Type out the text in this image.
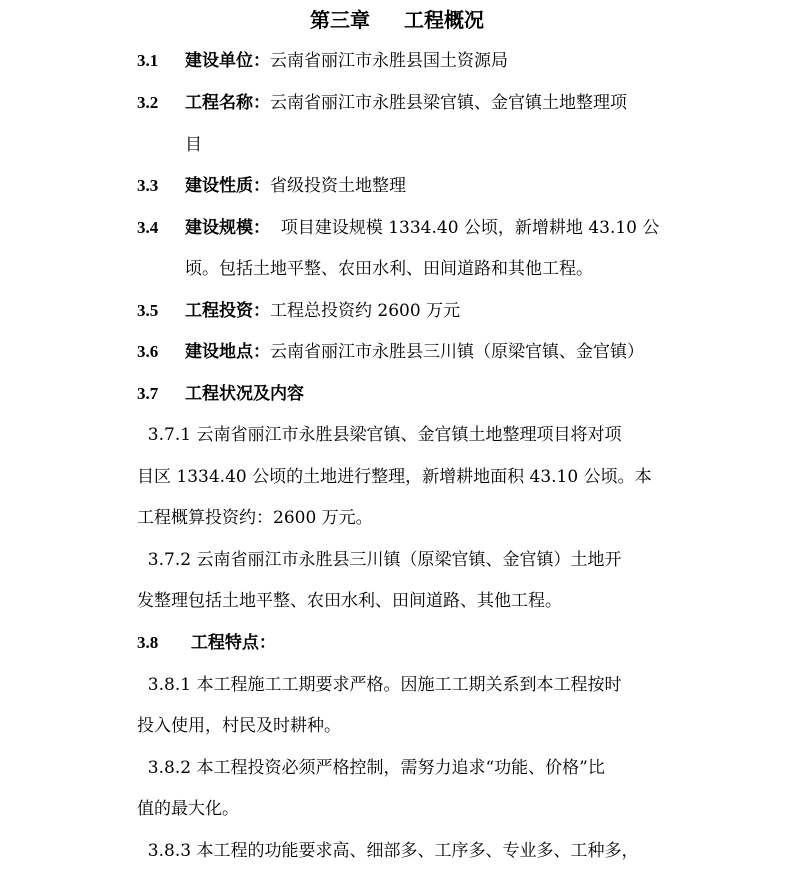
第三章 工程概况
3.1 建设单位：云南省丽江市永胜县国土资源局
3.2 工程名称：云南省丽江市永胜县梁官镇、金官镇土地整理项
目
3.3 建设性质：省级投资土地整理
3.4 建设规模：  项目建设规模 1334.40 公顷，新增耕地 43.10 公
顷。包括土地平整、农田水利、田间道路和其他工程。
3.5 工程投资：工程总投资约 2600 万元
3.6 建设地点：云南省丽江市永胜县三川镇（原梁官镇、金官镇）
3.7 工程状况及内容
3.7.1 云南省丽江市永胜县梁官镇、金官镇土地整理项目将对项
目区 1334.40 公顷的土地进行整理，新增耕地面积 43.10 公顷。本
工程概算投资约：2600 万元。
3.7.2 云南省丽江市永胜县三川镇（原梁官镇、金官镇）土地开
发整理包括土地平整、农田水利、田间道路、其他工程。
3.8 工程特点：
3.8.1 本工程施工工期要求严格。因施工工期关系到本工程按时
投入使用，村民及时耕种。
3.8.2 本工程投资必须严格控制，需努力追求“功能、价格”比
值的最大化。
3.8.3 本工程的功能要求高、细部多、工序多、专业多、工种多，
